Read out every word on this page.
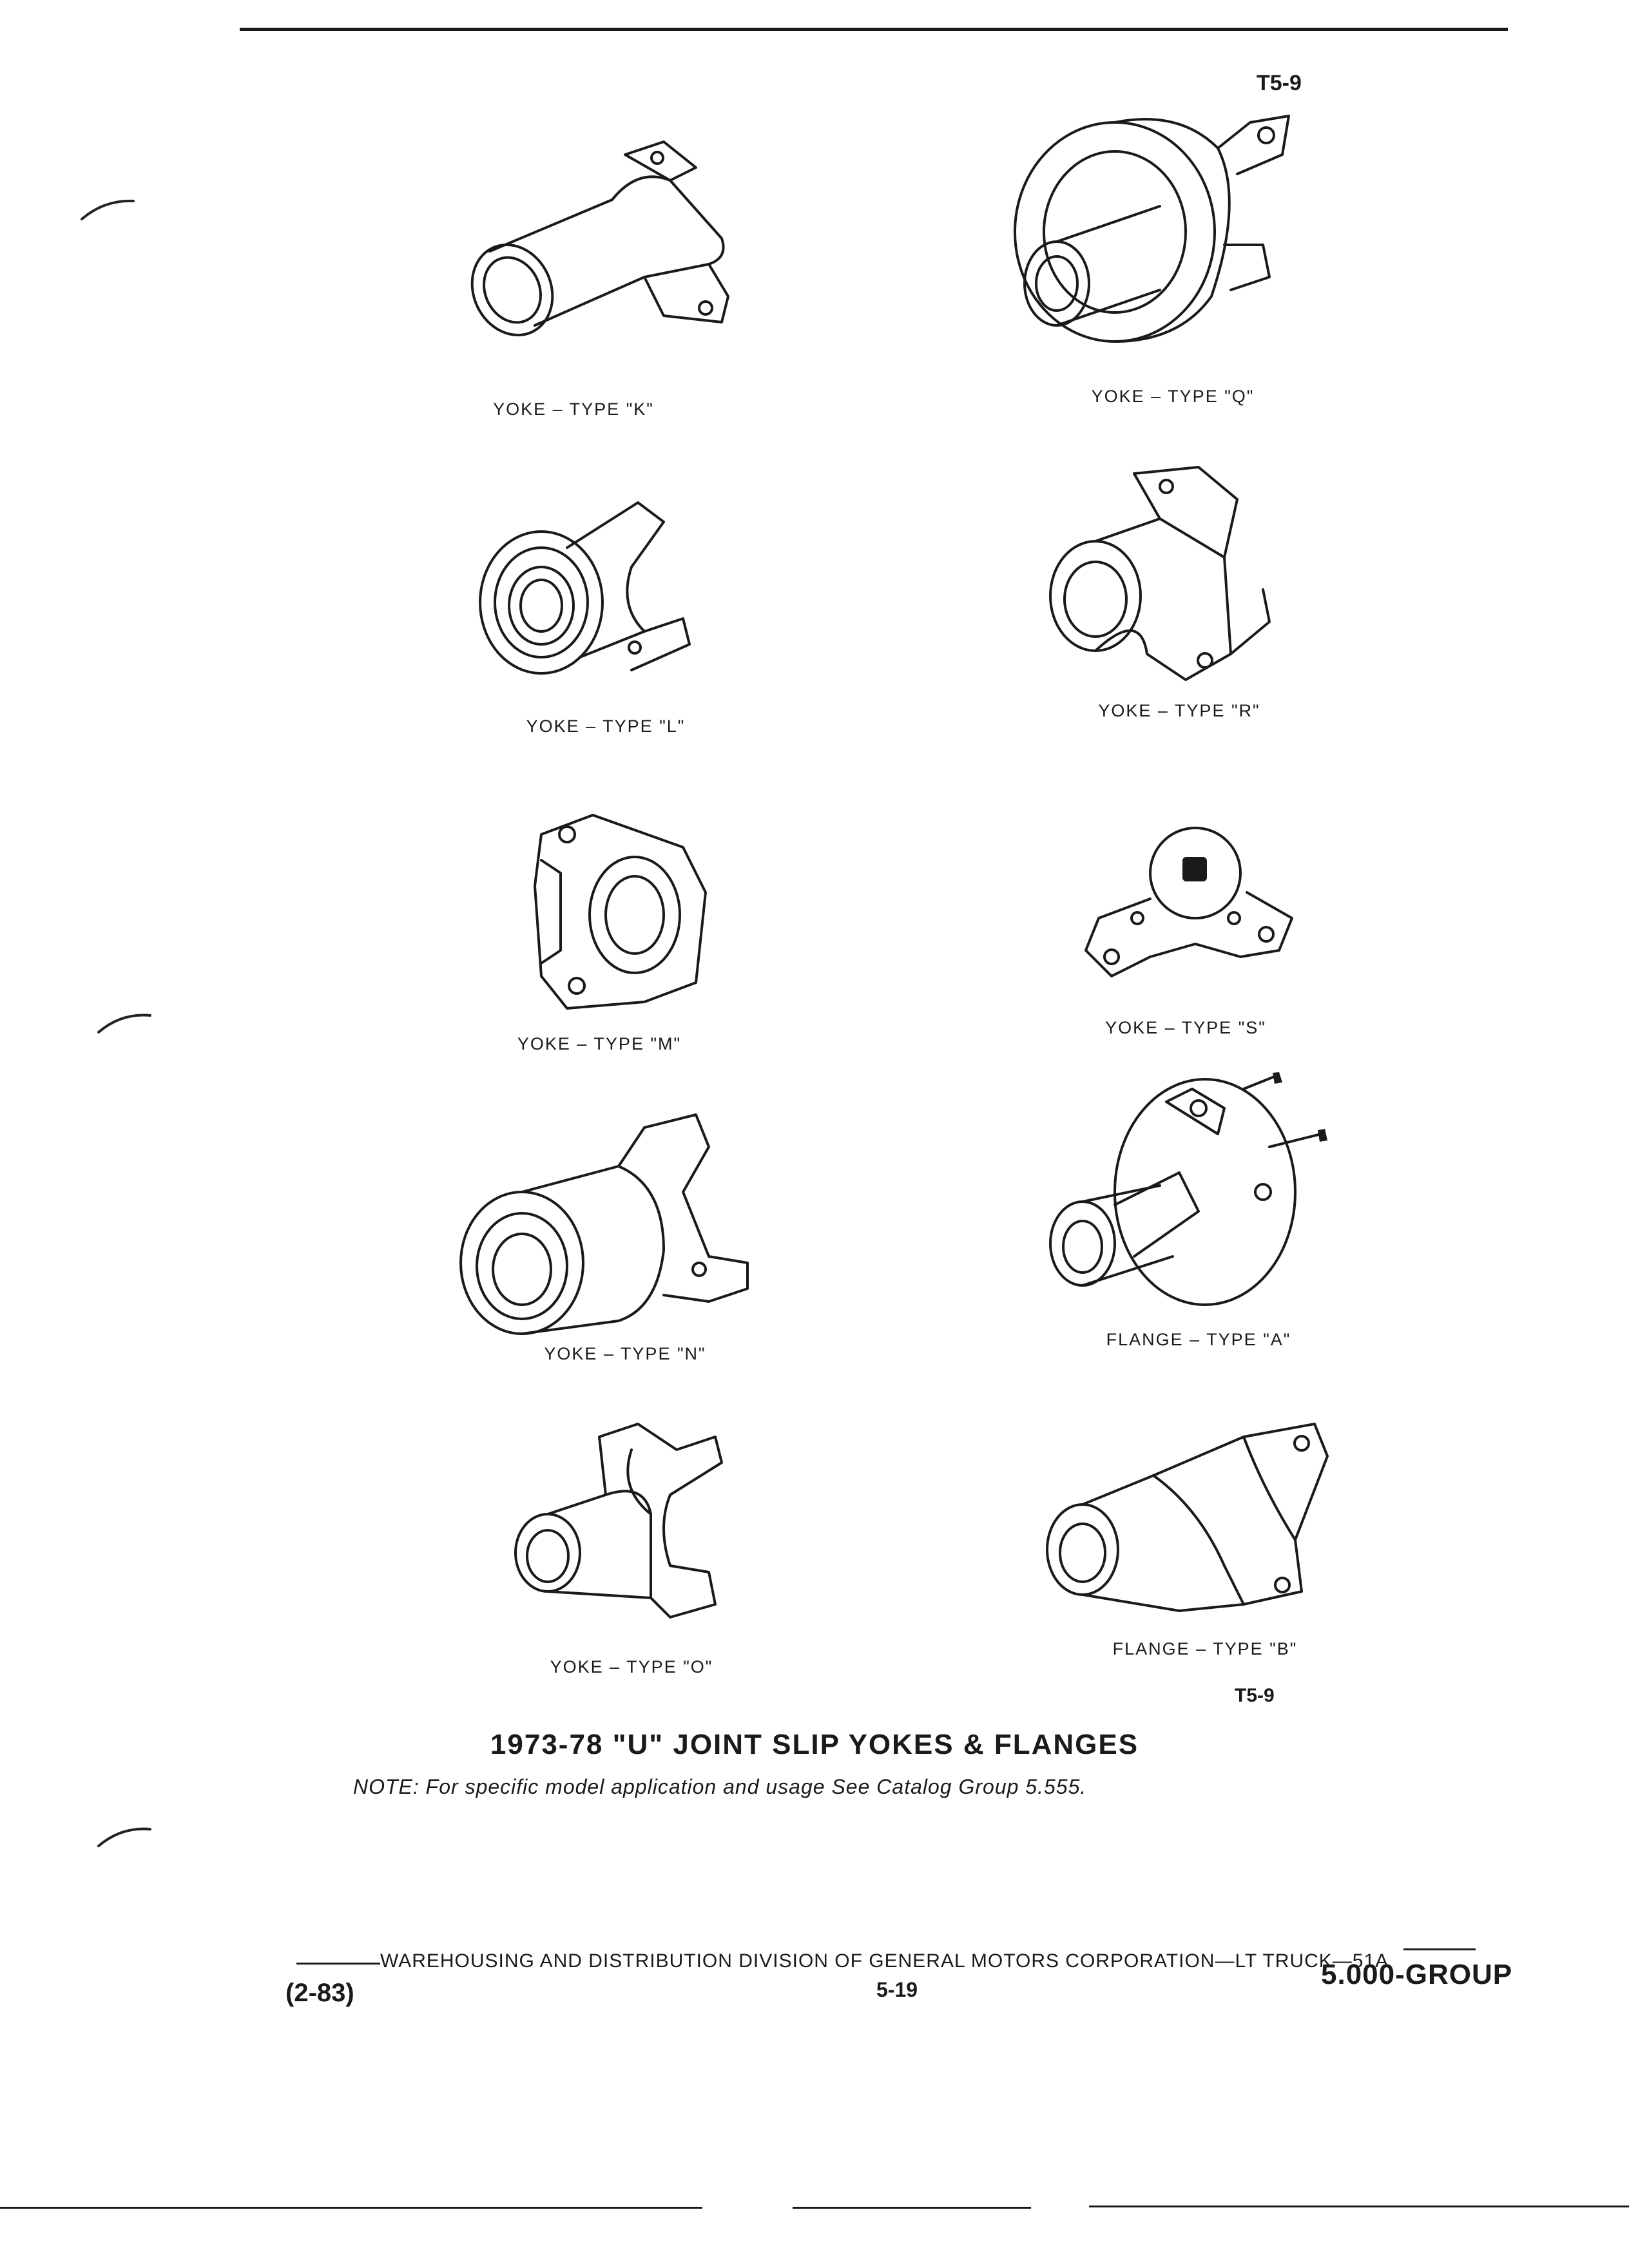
T5-9
YOKE – TYPE "K"
YOKE – TYPE "Q"
YOKE – TYPE "L"
YOKE – TYPE "R"
YOKE – TYPE "M"
YOKE – TYPE "S"
YOKE – TYPE "N"
FLANGE – TYPE "A"
YOKE – TYPE "O"
FLANGE – TYPE "B"
T5-9
1973-78 "U" JOINT SLIP YOKES & FLANGES
NOTE: For specific model application and usage See Catalog Group 5.555.
WAREHOUSING AND DISTRIBUTION DIVISION OF GENERAL MOTORS CORPORATION—LT TRUCK—51A
(2-83)	5-19	5.000-GROUP
